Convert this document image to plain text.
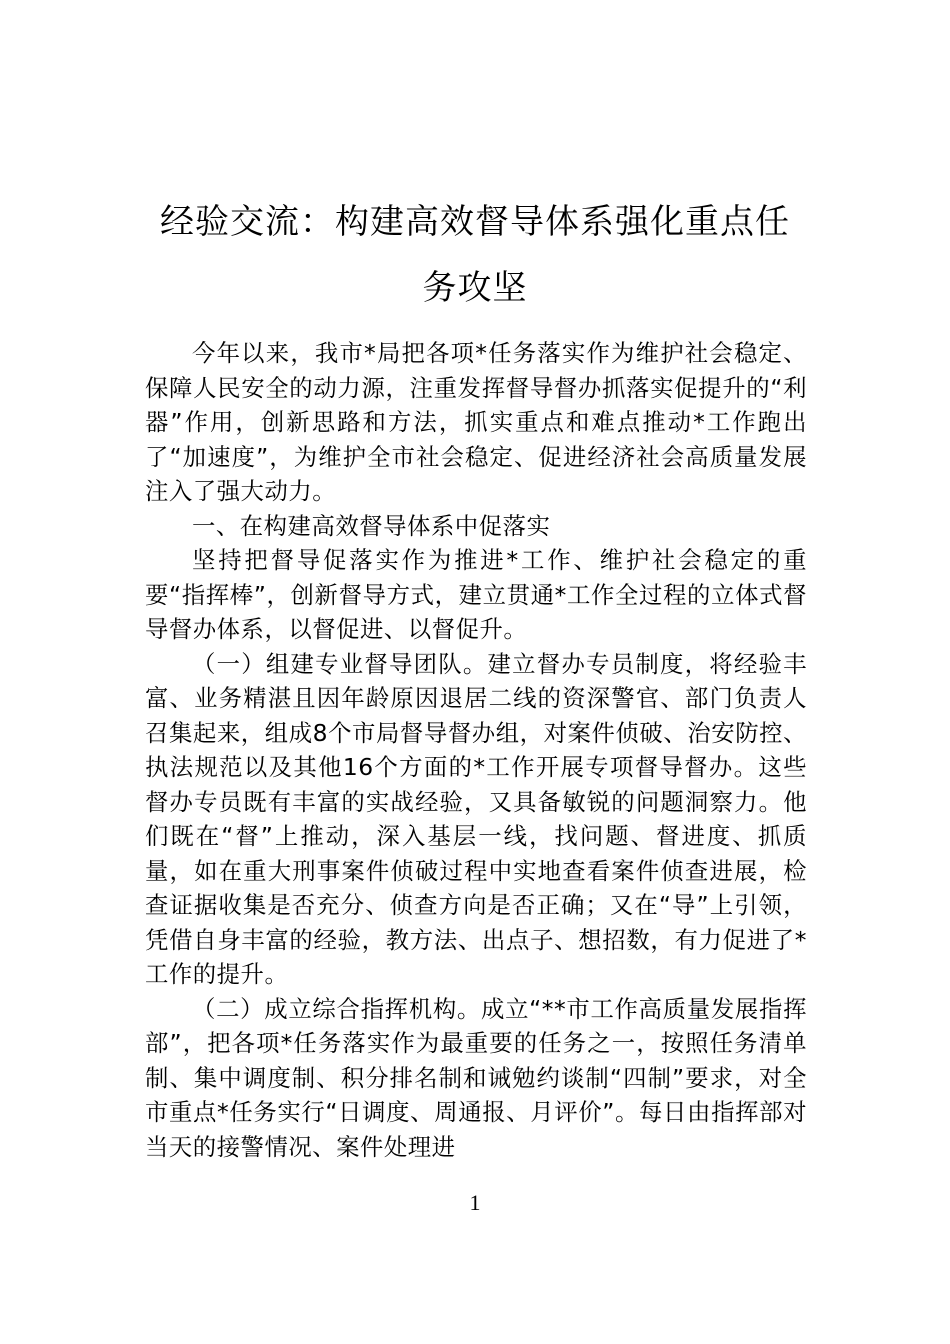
经验交流：构建高效督导体系强化重点任务攻坚

今年以来，我市*局把各项*任务落实作为维护社会稳定、保障人民安全的动力源，注重发挥督导督办抓落实促提升的“利器”作用，创新思路和方法，抓实重点和难点推动*工作跑出了“加速度”，为维护全市社会稳定、促进经济社会高质量发展注入了强大动力。

一、在构建高效督导体系中促落实

坚持把督导促落实作为推进*工作、维护社会稳定的重要“指挥棒”，创新督导方式，建立贯通*工作全过程的立体式督导督办体系，以督促进、以督促升。

（一）组建专业督导团队。建立督办专员制度，将经验丰富、业务精湛且因年龄原因退居二线的资深警官、部门负责人召集起来，组成8个市局督导督办组，对案件侦破、治安防控、执法规范以及其他16个方面的*工作开展专项督导督办。这些督办专员既有丰富的实战经验，又具备敏锐的问题洞察力。他们既在“督”上推动，深入基层一线，找问题、督进度、抓质量，如在重大刑事案件侦破过程中实地查看案件侦查进展，检查证据收集是否充分、侦查方向是否正确；又在“导”上引领，凭借自身丰富的经验，教方法、出点子、想招数，有力促进了*工作的提升。

（二）成立综合指挥机构。成立“**市工作高质量发展指挥部”，把各项*任务落实作为最重要的任务之一，按照任务清单制、集中调度制、积分排名制和诫勉约谈制“四制”要求，对全市重点*任务实行“日调度、周通报、月评价”。每日由指挥部对当天的接警情况、案件处理进

1
